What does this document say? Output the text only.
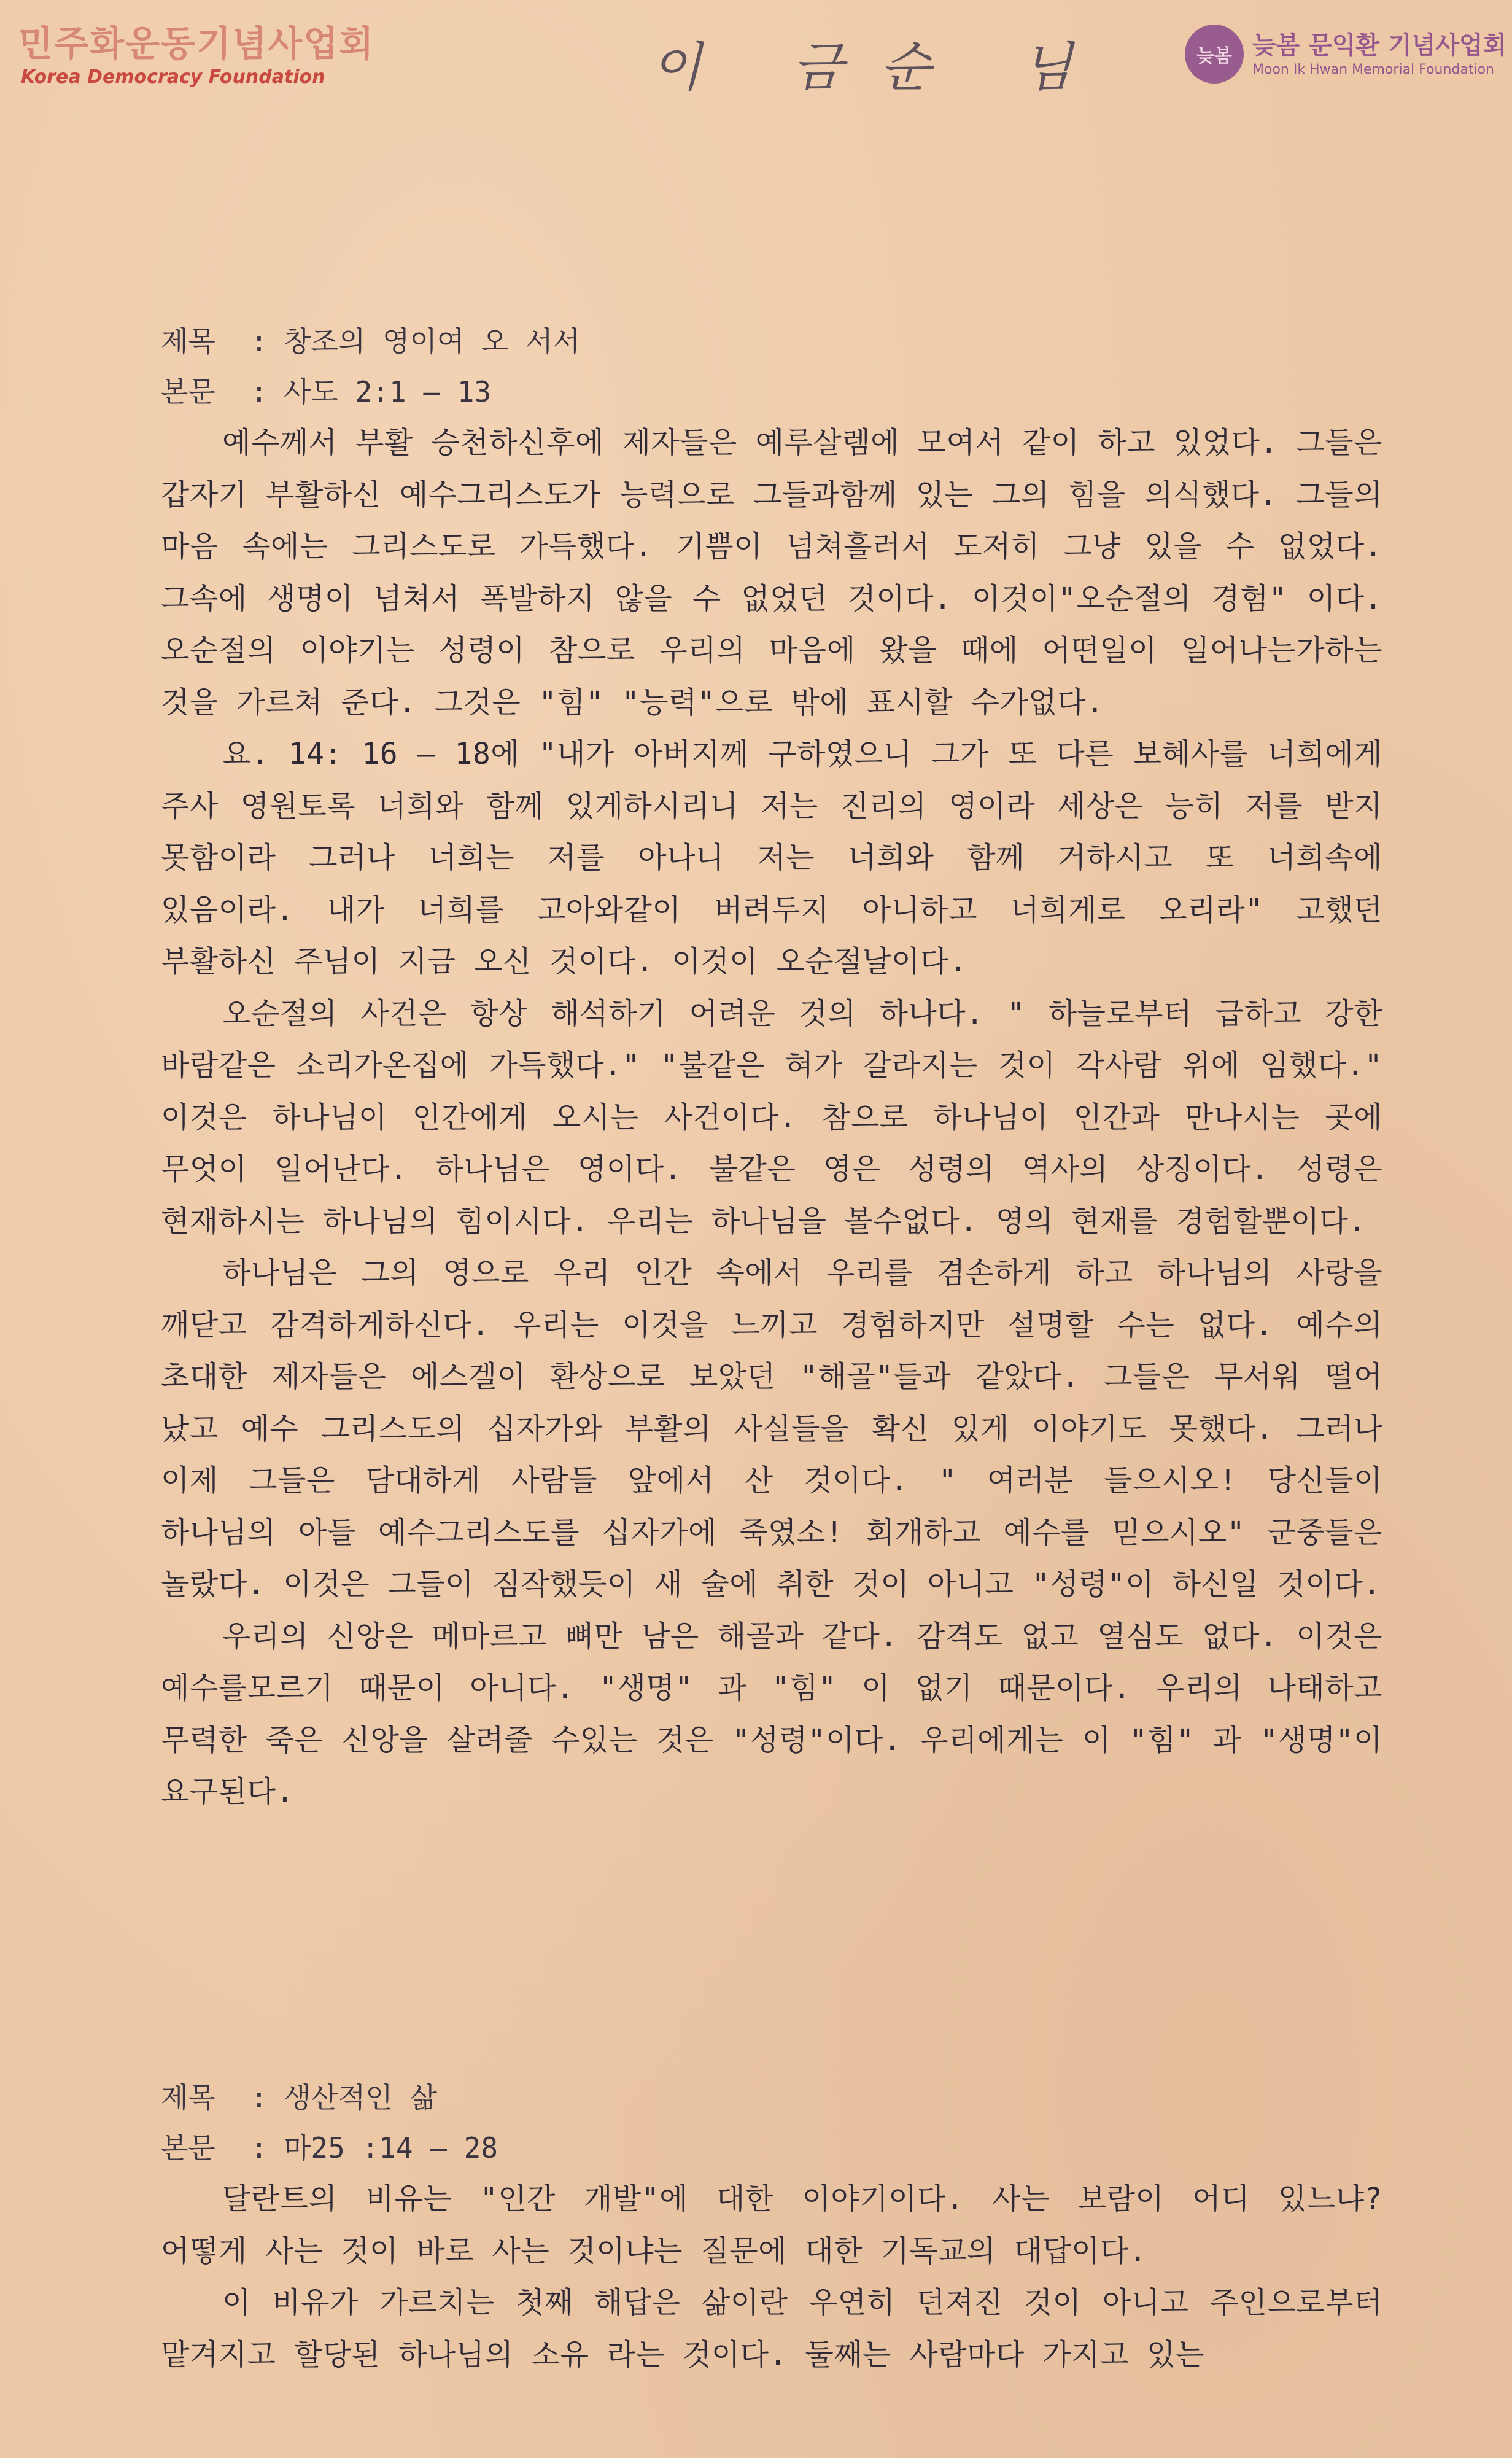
민주화운동기념사업회
Korea Democracy Foundation	이 금순 님	늦봄 늦봄 문익환 기념사업회
Moon Ik Hwan Memorial Foundation
제목 : 창조의 영이여 오 서서
본문 : 사도 2:1 ― 13

예수께서 부활 승천하신후에 제자들은 예루살렘에 모여서 같이 하고 있었다. 그들은 갑자기 부활하신 예수그리스도가 능력으로 그들과함께 있는 그의 힘을 의식했다. 그들의 마음 속에는 그리스도로 가득했다. 기쁨이 넘쳐흘러서 도저히 그냥 있을 수 없었다. 그속에 생명이 넘쳐서 폭발하지 않을 수 없었던 것이다. 이것이"오순절의 경험" 이다. 오순절의 이야기는 성령이 참으로 우리의 마음에 왔을 때에 어떤일이 일어나는가하는 것을 가르쳐 준다. 그것은 "힘" "능력"으로 밖에 표시할 수가없다.

요. 14: 16 ― 18에 "내가 아버지께 구하였으니 그가 또 다른 보혜사를 너희에게 주사 영원토록 너희와 함께 있게하시리니 저는 진리의 영이라 세상은 능히 저를 받지 못함이라 그러나 너희는 저를 아나니 저는 너희와 함께 거하시고 또 너희속에 있음이라. 내가 너희를 고아와같이 버려두지 아니하고 너희게로 오리라" 고했던 부활하신 주님이 지금 오신 것이다. 이것이 오순절날이다.

오순절의 사건은 항상 해석하기 어려운 것의 하나다. " 하늘로부터 급하고 강한 바람같은 소리가온집에 가득했다." "불같은 혀가 갈라지는 것이 각사람 위에 임했다." 이것은 하나님이 인간에게 오시는 사건이다. 참으로 하나님이 인간과 만나시는 곳에 무엇이 일어난다. 하나님은 영이다. 불같은 영은 성령의 역사의 상징이다. 성령은 현재하시는 하나님의 힘이시다. 우리는 하나님을 볼수없다. 영의 현재를 경험할뿐이다.

하나님은 그의 영으로 우리 인간 속에서 우리를 겸손하게 하고 하나님의 사랑을 깨닫고 감격하게하신다. 우리는 이것을 느끼고 경험하지만 설명할 수는 없다. 예수의 초대한 제자들은 에스겔이 환상으로 보았던 "해골"들과 같았다. 그들은 무서워 떨어 났고 예수 그리스도의 십자가와 부활의 사실들을 확신 있게 이야기도 못했다. 그러나 이제 그들은 담대하게 사람들 앞에서 산 것이다. " 여러분 들으시오! 당신들이 하나님의 아들 예수그리스도를 십자가에 죽였소! 회개하고 예수를 믿으시오" 군중들은 놀랐다. 이것은 그들이 짐작했듯이 새 술에 취한 것이 아니고 "성령"이 하신일 것이다.

우리의 신앙은 메마르고 뼈만 남은 해골과 같다. 감격도 없고 열심도 없다. 이것은 예수를모르기 때문이 아니다. "생명" 과 "힘" 이 없기 때문이다. 우리의 나태하고 무력한 죽은 신앙을 살려줄 수있는 것은 "성령"이다. 우리에게는 이 "힘" 과 "생명"이 요구된다.

제목 : 생산적인 삶
본문 : 마25 :14 ― 28

달란트의 비유는 "인간 개발"에 대한 이야기이다. 사는 보람이 어디 있느냐? 어떻게 사는 것이 바로 사는 것이냐는 질문에 대한 기독교의 대답이다.

이 비유가 가르치는 첫째 해답은 삶이란 우연히 던져진 것이 아니고 주인으로부터 맡겨지고 할당된 하나님의 소유 라는 것이다. 둘째는 사람마다 가지고 있는
